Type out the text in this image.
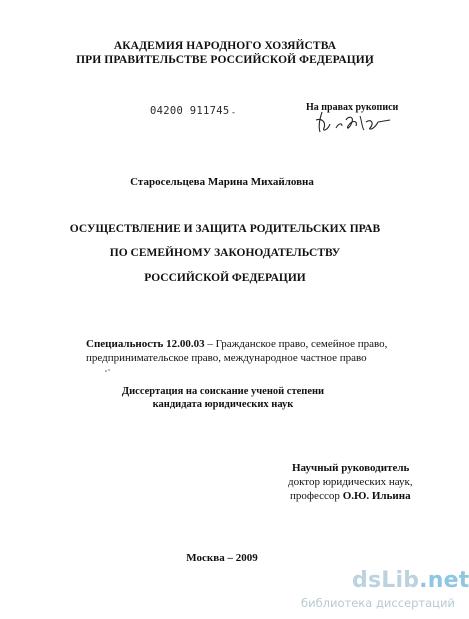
АКАДЕМИЯ НАРОДНОГО ХОЗЯЙСТВА
ПРИ ПРАВИТЕЛЬСТВЕ РОССИЙСКОЙ ФЕДЕРАЦИИ
04200 911745 -	На правах рукописи
Старосельцева Марина Михайловна
ОСУЩЕСТВЛЕНИЕ И ЗАЩИТА РОДИТЕЛЬСКИХ ПРАВ
ПО СЕМЕЙНОМУ ЗАКОНОДАТЕЛЬСТВУ
РОССИЙСКОЙ ФЕДЕРАЦИИ
Специальность 12.00.03 – Гражданское право, семейное право,
предпринимательское право, международное частное право
Диссертация на соискание ученой степени
кандидата юридических наук
Научный руководитель
доктор юридических наук,
профессор О.Ю. Ильина
Москва – 2009
dsLib.net
библиотека диссертаций
